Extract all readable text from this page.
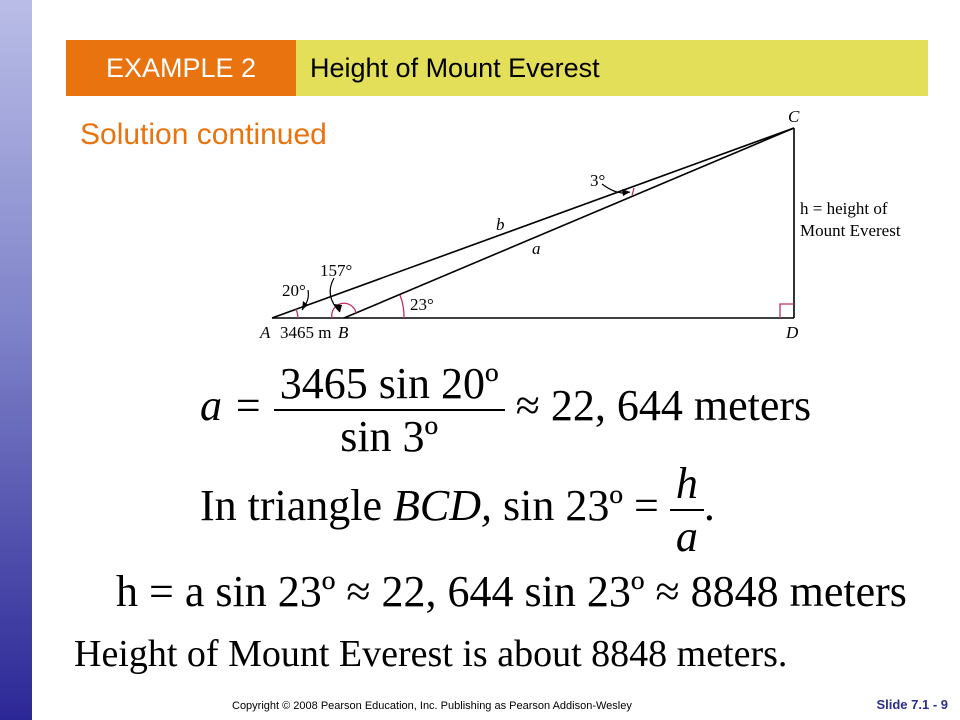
EXAMPLE 2	Height of Mount Everest
Solution continued
C
A 3465 m B	D
3°
20°
157°
23°
b
a
h = height of
Mount Everest
$a = \frac{\text{3465 sin 20º}}{\text{sin 3º}} \approx 22$, 644 meters
In triangle BCD, sin 23º = $\frac{h}{a}$ .
h = a sin 23º ≈ 22, 644 sin 23º ≈ 8848 meters
Height of Mount Everest is about 8848 meters.
Copyright © 2008 Pearson Education, Inc. Publishing as Pearson Addison-Wesley	Slide 7.1 - 9
